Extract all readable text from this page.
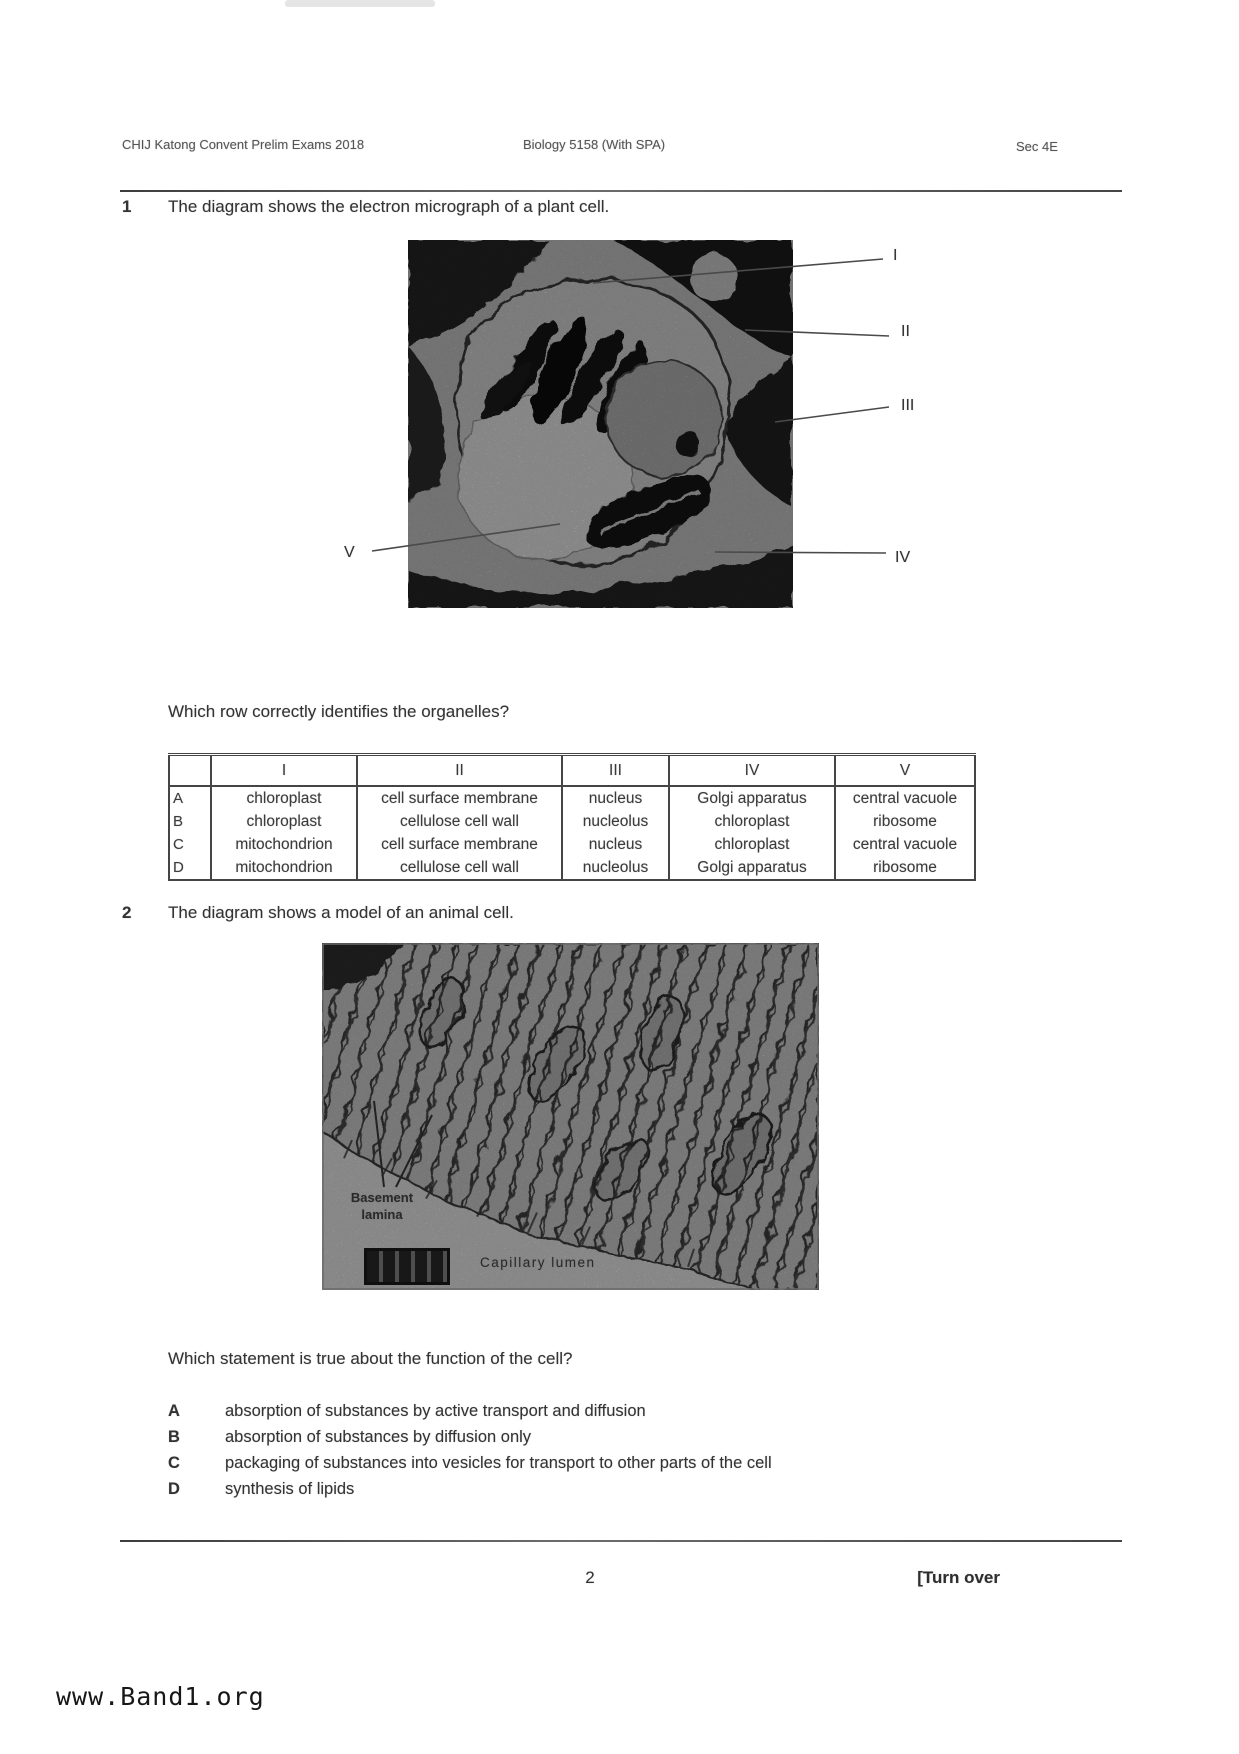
CHIJ Katong Convent Prelim Exams 2018	Biology 5158 (With SPA)	Sec 4E
1 The diagram shows the electron micrograph of a plant cell.
I
II
III
IV
V
Which row correctly identifies the organelles?
	I	II	III	IV	V
A	chloroplast	cell surface membrane	nucleus	Golgi apparatus	central vacuole
B	chloroplast	cellulose cell wall	nucleolus	chloroplast	ribosome
C	mitochondrion	cell surface membrane	nucleus	chloroplast	central vacuole
D	mitochondrion	cellulose cell wall	nucleolus	Golgi apparatus	ribosome
2 The diagram shows a model of an animal cell.
Basement
lamina
Capillary lumen
Which statement is true about the function of the cell?
A	absorption of substances by active transport and diffusion
B	absorption of substances by diffusion only
C	packaging of substances into vesicles for transport to other parts of the cell
D	synthesis of lipids
2	[Turn over
www.Band1.org
